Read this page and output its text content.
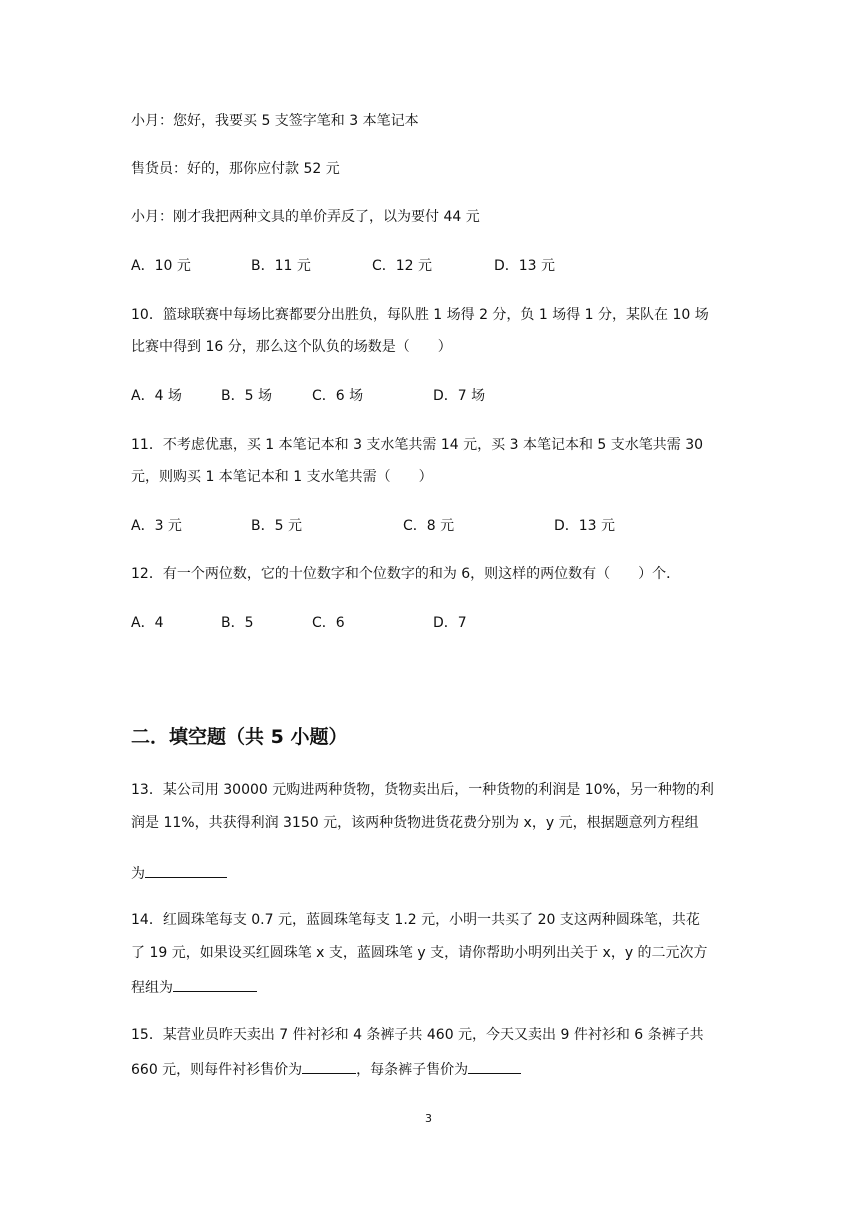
小月：您好，我要买 5 支签字笔和 3 本笔记本
售货员：好的，那你应付款 52 元
小月：刚才我把两种文具的单价弄反了，以为要付 44 元
A．10 元	B．11 元	C．12 元	D．13 元
10．篮球联赛中每场比赛都要分出胜负，每队胜 1 场得 2 分，负 1 场得 1 分，某队在 10 场
比赛中得到 16 分，那么这个队负的场数是（　　）
A．4 场	B．5 场	C．6 场	D．7 场
11．不考虑优惠，买 1 本笔记本和 3 支水笔共需 14 元，买 3 本笔记本和 5 支水笔共需 30
元，则购买 1 本笔记本和 1 支水笔共需（　　）
A．3 元	B．5 元	C．8 元	D．13 元
12．有一个两位数，它的十位数字和个位数字的和为 6，则这样的两位数有（　　）个．
A．4	B．5	C．6	D．7
二．填空题（共 5 小题）
13．某公司用 30000 元购进两种货物，货物卖出后，一种货物的利润是 10%，另一种物的利
润是 11%，共获得利润 3150 元，该两种货物进货花费分别为 x，y 元，根据题意列方程组
为
14．红圆珠笔每支 0.7 元，蓝圆珠笔每支 1.2 元，小明一共买了 20 支这两种圆珠笔，共花
了 19 元，如果设买红圆珠笔 x 支，蓝圆珠笔 y 支，请你帮助小明列出关于 x，y 的二元次方
程组为
15．某营业员昨天卖出 7 件衬衫和 4 条裤子共 460 元，今天又卖出 9 件衬衫和 6 条裤子共
660 元，则每件衬衫售价为	，每条裤子售价为
3
